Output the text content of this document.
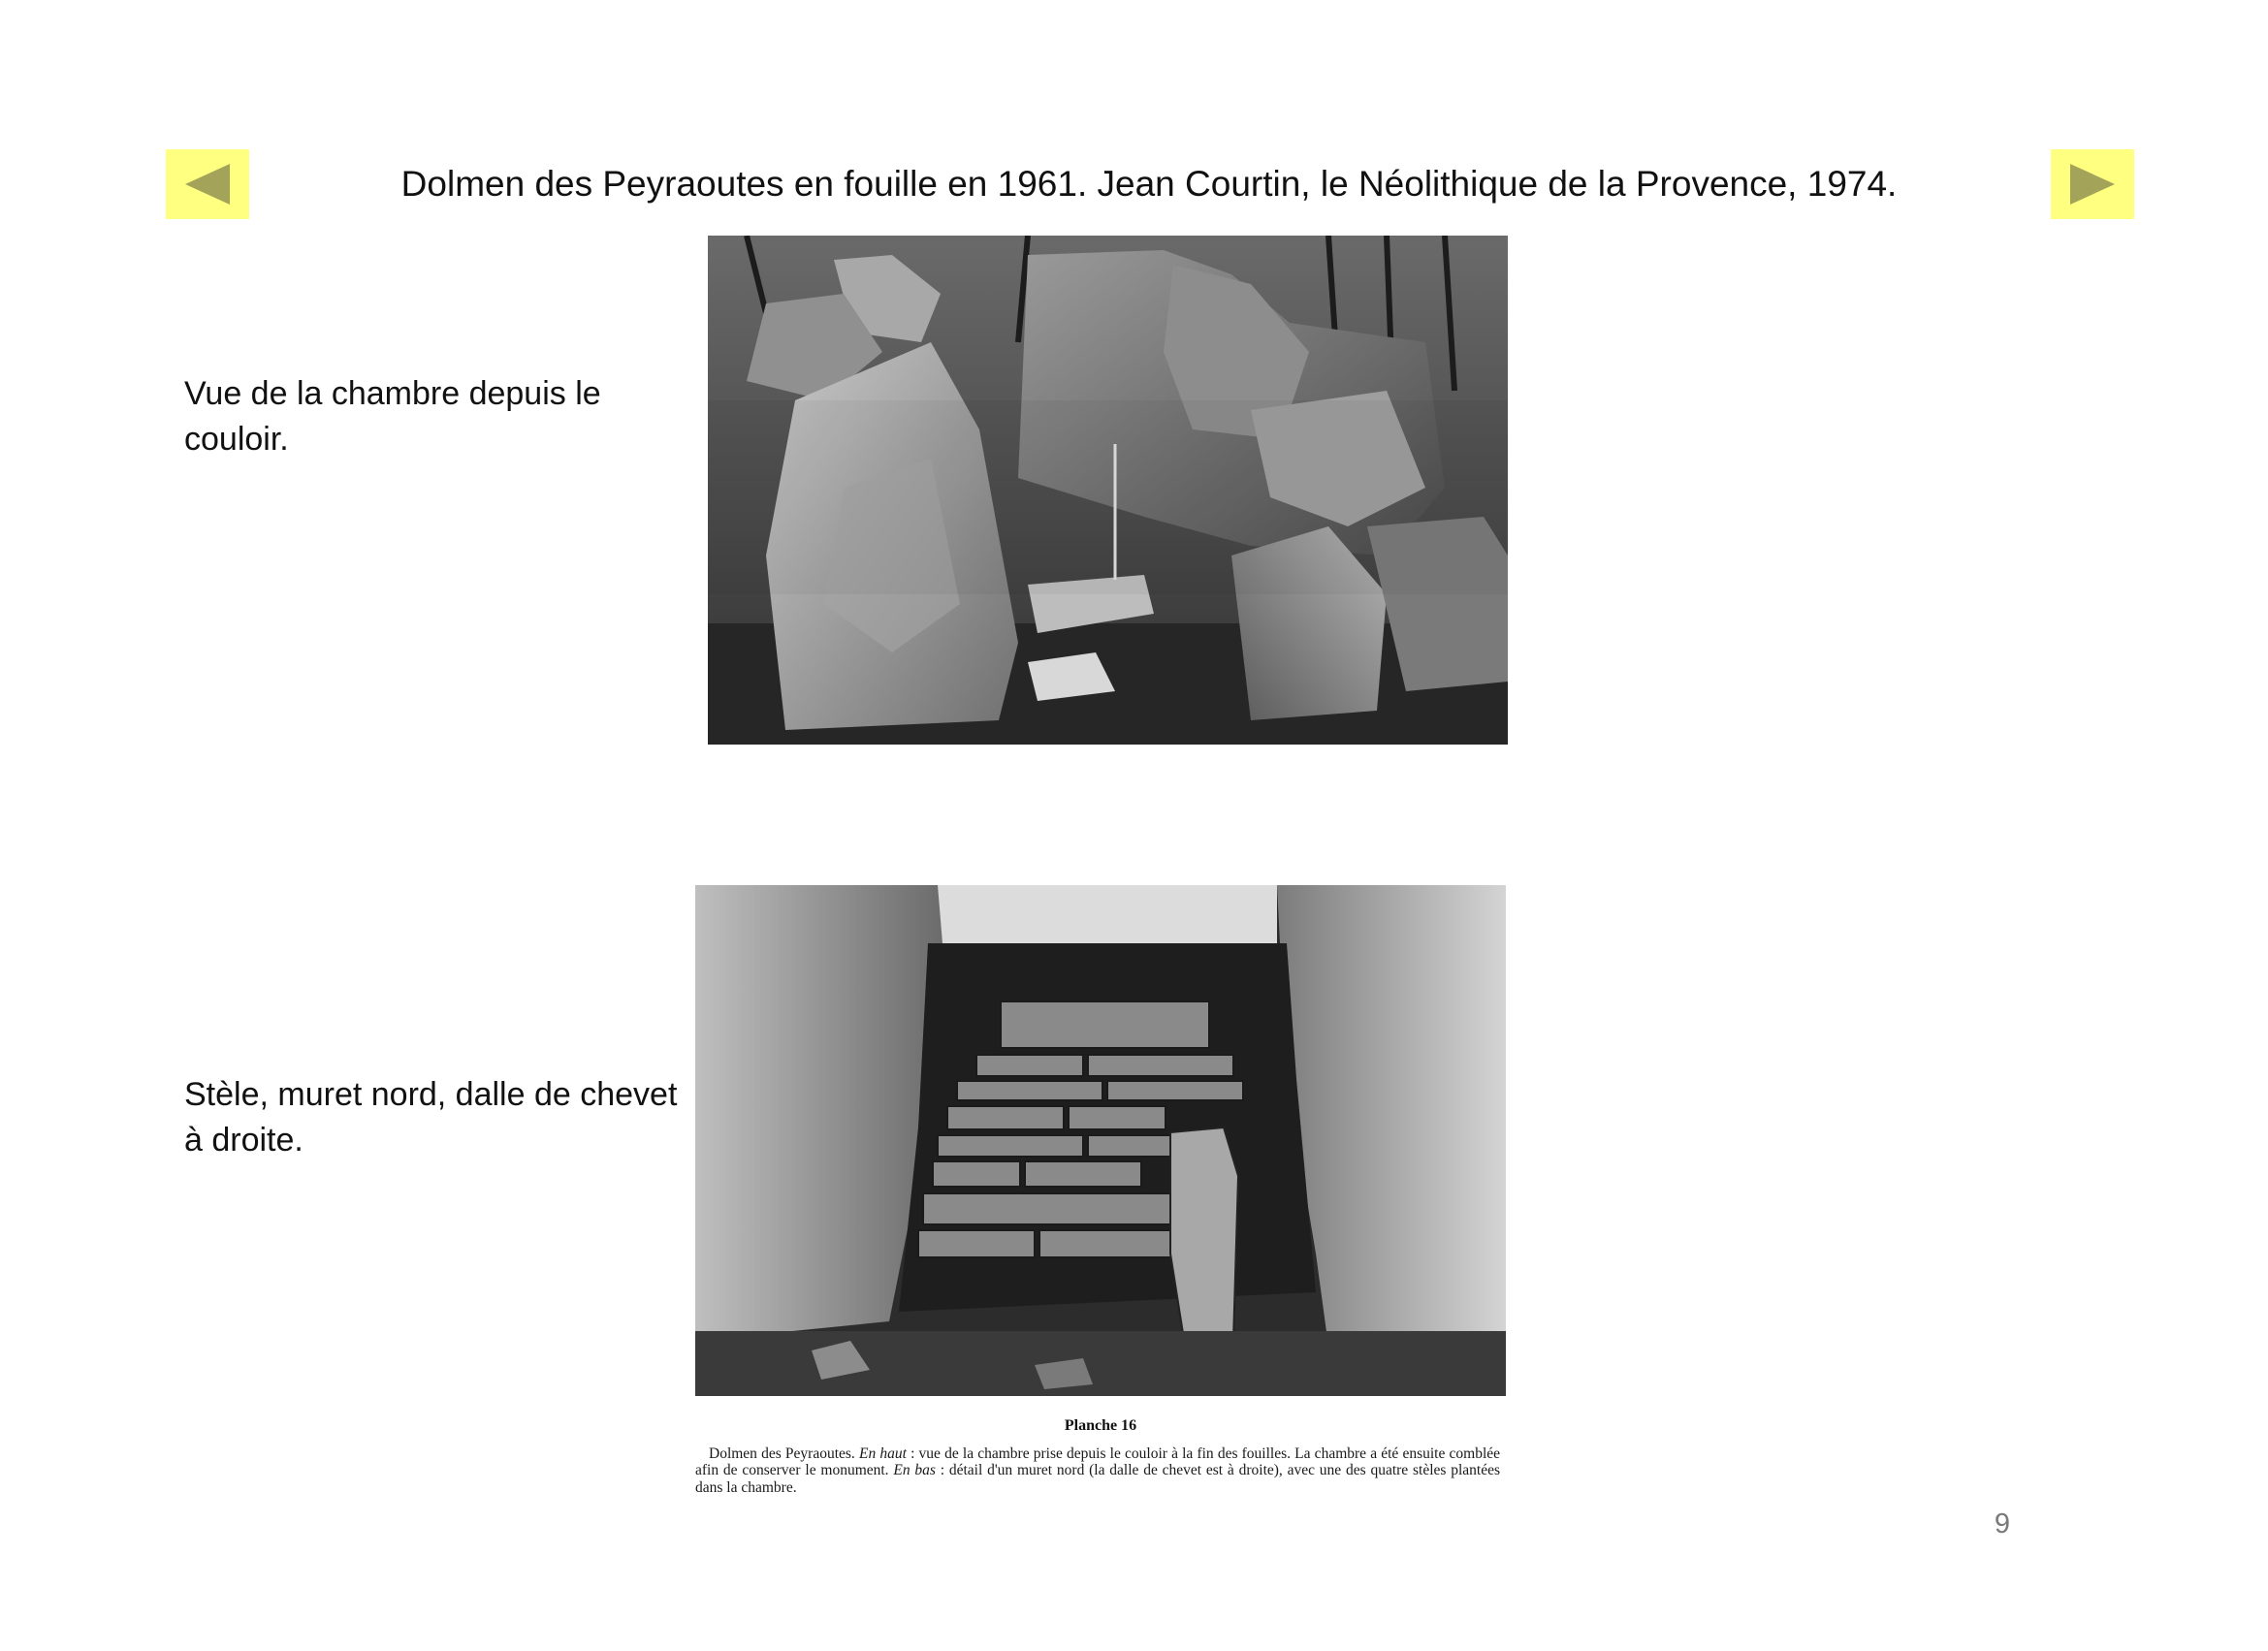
Dolmen des Peyraoutes en fouille en 1961. Jean Courtin, le Néolithique de la Provence, 1974.
Vue de la chambre depuis le couloir.
Stèle, muret nord, dalle de chevet à droite.
Planche 16
Dolmen des Peyraoutes. En haut : vue de la chambre prise depuis le couloir à la fin des fouilles. La chambre a été ensuite comblée afin de conserver le monument. En bas : détail d'un muret nord (la dalle de chevet est à droite), avec une des quatre stèles plantées dans la chambre.
9
